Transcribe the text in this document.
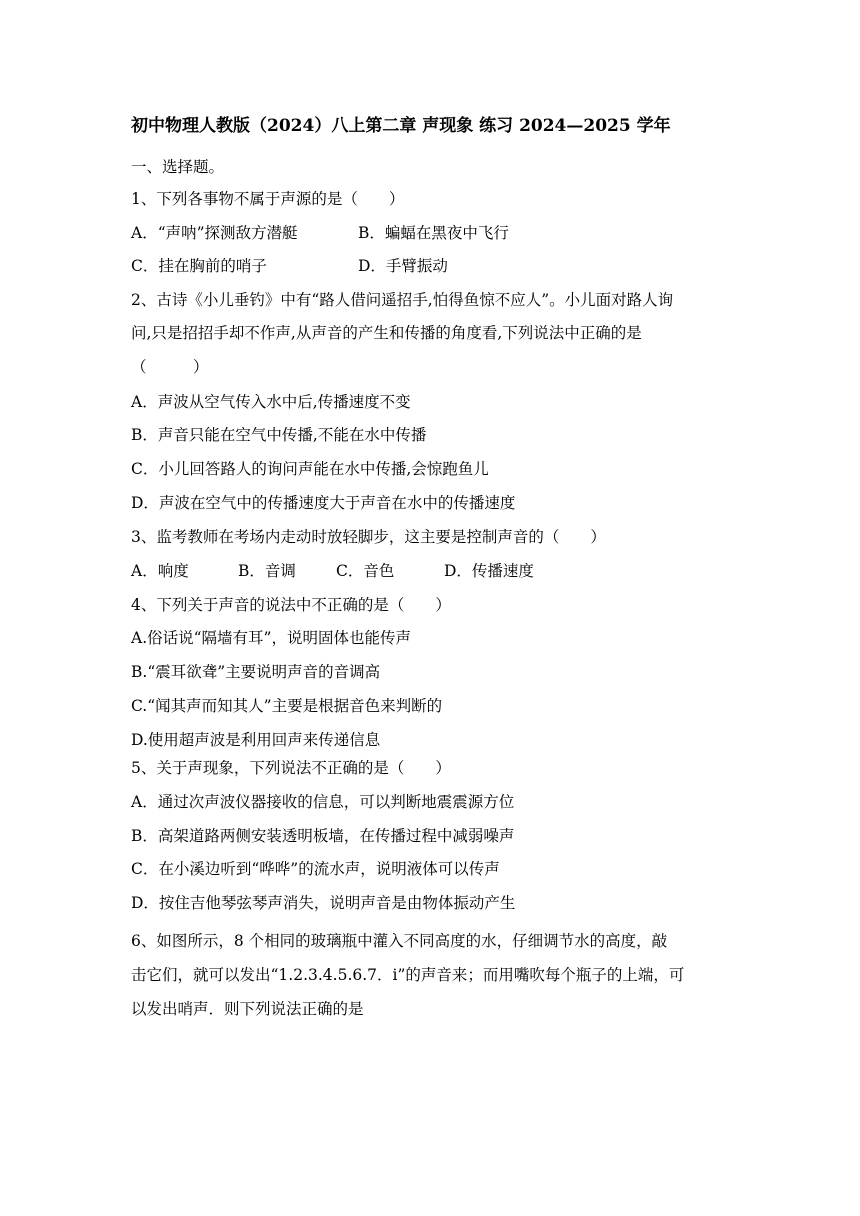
初中物理人教版（2024）八上第二章 声现象 练习 2024—2025 学年
一、选择题。
1、下列各事物不属于声源的是（　　）
A．“声呐”探测敌方潜艇	B．蝙蝠在黑夜中飞行
C．挂在胸前的哨子	D．手臂振动
2、古诗《小儿垂钓》中有“路人借问遥招手,怕得鱼惊不应人”。小儿面对路人询
问,只是招招手却不作声,从声音的产生和传播的角度看,下列说法中正确的是
（　　　）
A．声波从空气传入水中后,传播速度不变
B．声音只能在空气中传播,不能在水中传播
C．小儿回答路人的询问声能在水中传播,会惊跑鱼儿
D．声波在空气中的传播速度大于声音在水中的传播速度
3、监考教师在考场内走动时放轻脚步，这主要是控制声音的（　　）
A．响度	B．音调	C．音色	D．传播速度
4、下列关于声音的说法中不正确的是（　　）
A.俗话说“隔墙有耳”，说明固体也能传声
B.“震耳欲聋”主要说明声音的音调高
C.“闻其声而知其人”主要是根据音色来判断的
D.使用超声波是利用回声来传递信息
5、关于声现象，下列说法不正确的是（　　）
A．通过次声波仪器接收的信息，可以判断地震震源方位
B．高架道路两侧安装透明板墙，在传播过程中减弱噪声
C．在小溪边听到“哗哗”的流水声，说明液体可以传声
D．按住吉他琴弦琴声消失，说明声音是由物体振动产生
6、如图所示，8 个相同的玻璃瓶中灌入不同高度的水，仔细调节水的高度，敲
击它们，就可以发出“1.2.3.4.5.6.7．i”的声音来；而用嘴吹每个瓶子的上端，可
以发出哨声．则下列说法正确的是
